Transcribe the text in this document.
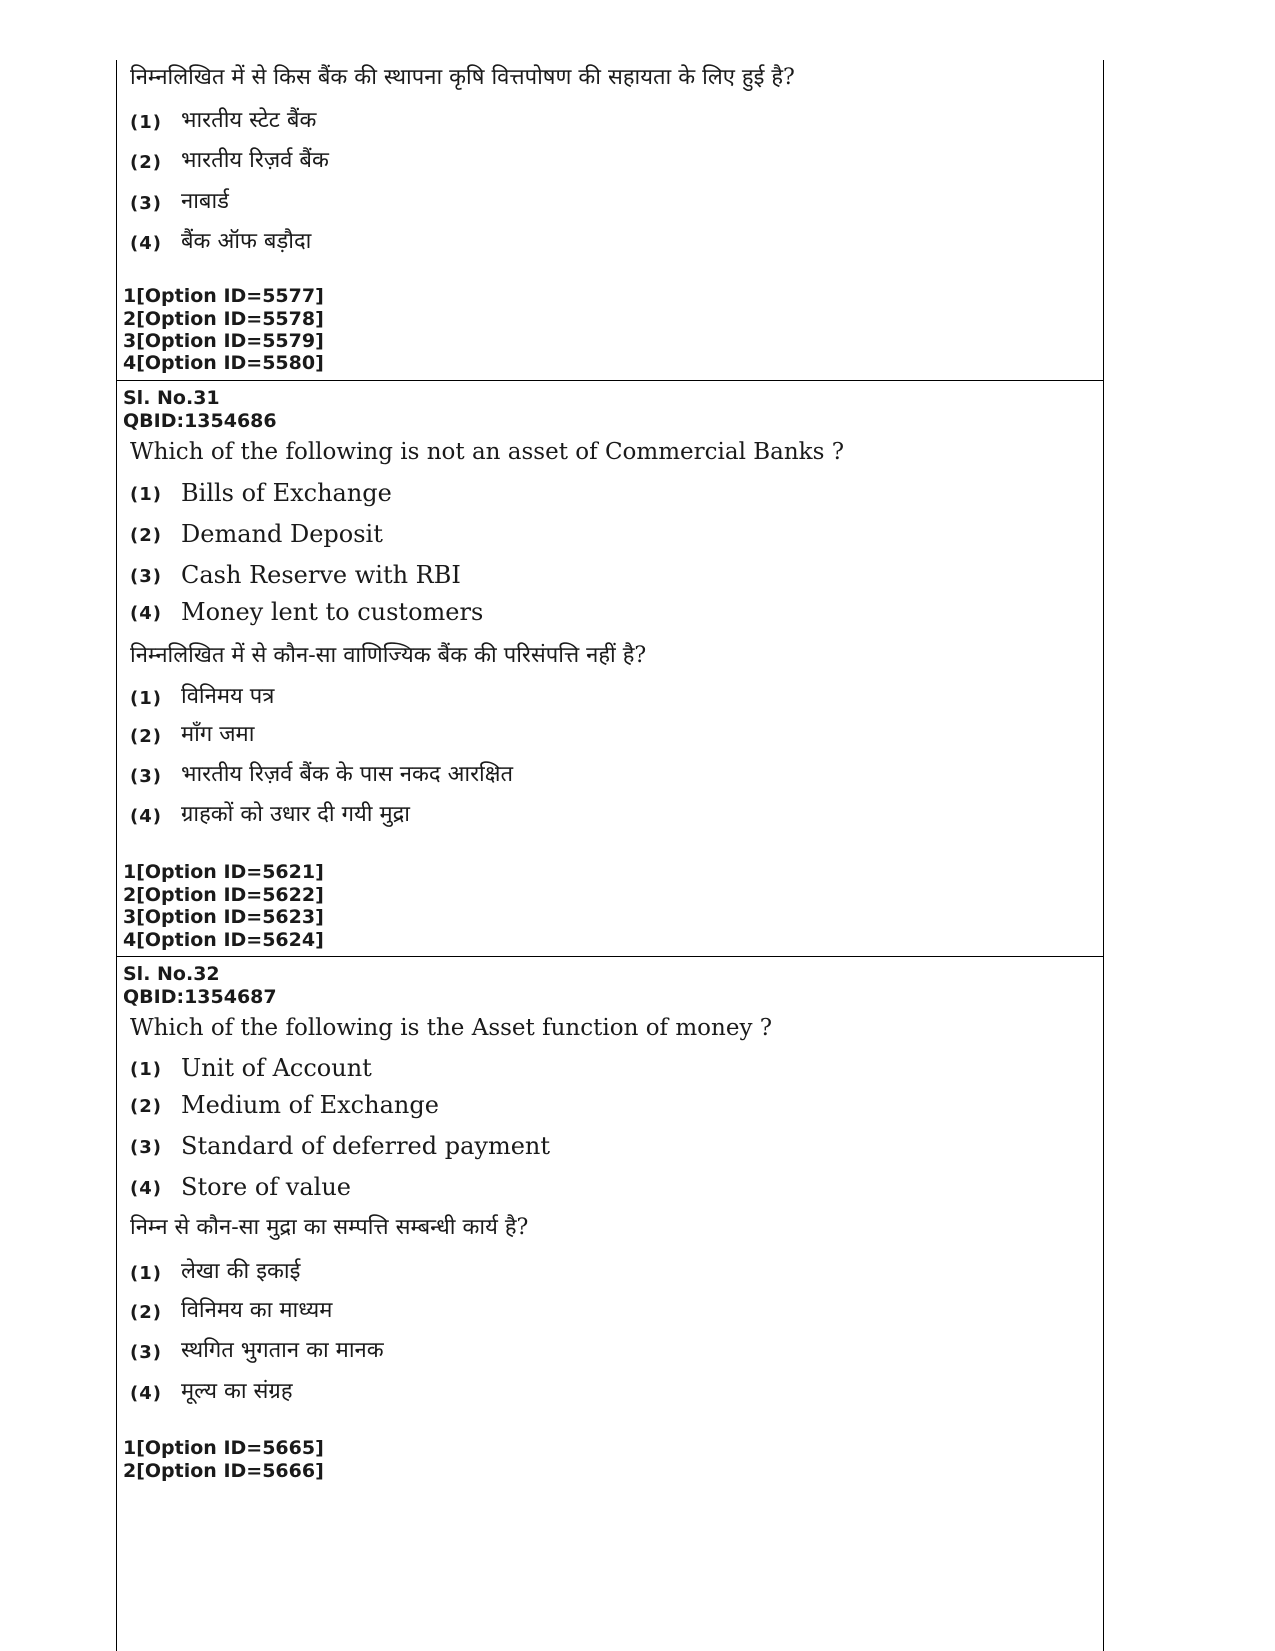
निम्नलिखित में से किस बैंक की स्थापना कृषि वित्तपोषण की सहायता के लिए हुई है?
(1) भारतीय स्टेट बैंक
(2) भारतीय रिज़र्व बैंक
(3) नाबार्ड
(4) बैंक ऑफ बड़ौदा
1[Option ID=5577]
2[Option ID=5578]
3[Option ID=5579]
4[Option ID=5580]
Sl. No.31
QBID:1354686
Which of the following is not an asset of Commercial Banks ?
(1) Bills of Exchange
(2) Demand Deposit
(3) Cash Reserve with RBI
(4) Money lent to customers
निम्नलिखित में से कौन-सा वाणिज्यिक बैंक की परिसंपत्ति नहीं है?
(1) विनिमय पत्र
(2) माँग जमा
(3) भारतीय रिज़र्व बैंक के पास नकद आरक्षित
(4) ग्राहकों को उधार दी गयी मुद्रा
1[Option ID=5621]
2[Option ID=5622]
3[Option ID=5623]
4[Option ID=5624]
Sl. No.32
QBID:1354687
Which of the following is the Asset function of money ?
(1) Unit of Account
(2) Medium of Exchange
(3) Standard of deferred payment
(4) Store of value
निम्न से कौन-सा मुद्रा का सम्पत्ति सम्बन्धी कार्य है?
(1) लेखा की इकाई
(2) विनिमय का माध्यम
(3) स्थगित भुगतान का मानक
(4) मूल्य का संग्रह
1[Option ID=5665]
2[Option ID=5666]
